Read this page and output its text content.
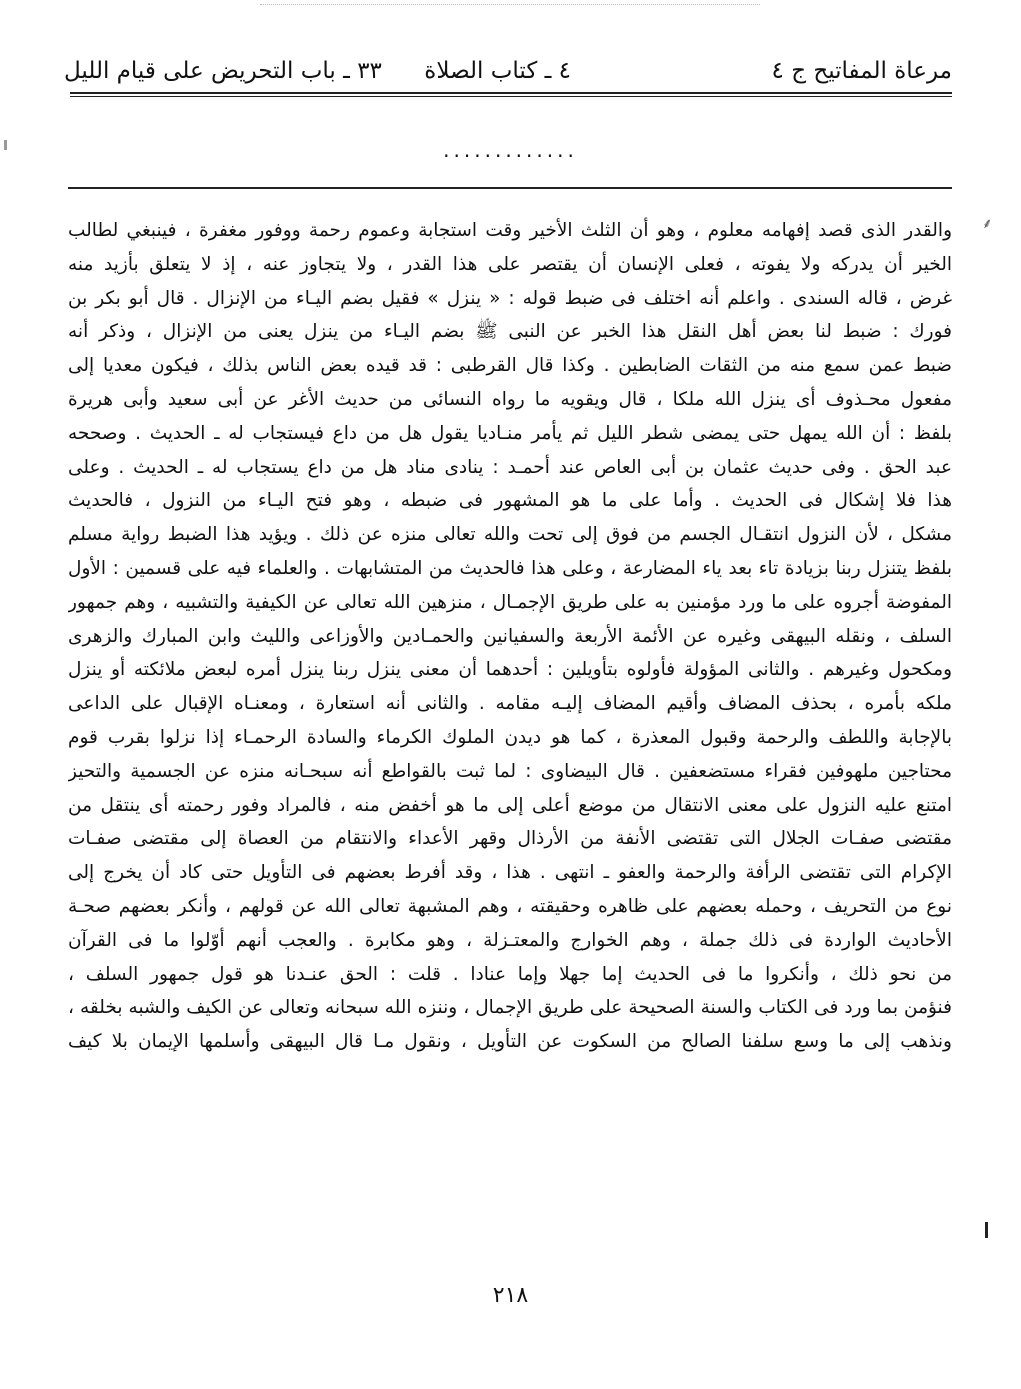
مرعاة المفاتيح ج ٤
٤ ـ كتاب الصلاة
٣٣ ـ باب التحريض على قيام الليل
·············
⸙
والقدر الذى قصد إفهامه معلوم ، وهو أن الثلث الأخير وقت استجابة وعموم رحمة ووفور مغفرة ، فينبغي لطالب
الخير أن يدركه ولا يفوته ، فعلى الإنسان أن يقتصر على هذا القدر ، ولا يتجاوز عنه ، إذ لا يتعلق بأزيد منه
غرض ، قاله السندى . واعلم أنه اختلف فى ضبط قوله : « ينزل » فقيل بضم اليـاء من الإنزال . قال أبو بكر بن
فورك : ضبط لنا بعض أهل النقل هذا الخبر عن النبى ﷺ بضم اليـاء من ينزل يعنى من الإنزال ، وذكر أنه
ضبط عمن سمع منه من الثقات الضابطين . وكذا قال القرطبى : قد قيده بعض الناس بذلك ، فيكون معديا إلى
مفعول محـذوف أى ينزل الله ملكا ، قال ويقويه ما رواه النسائى من حديث الأغر عن أبى سعيد وأبى هريرة
بلفظ : أن الله يمهل حتى يمضى شطر الليل ثم يأمر منـاديا يقول هل من داع فيستجاب له ـ الحديث . وصححه
عبد الحق . وفى حديث عثمان بن أبى العاص عند أحمـد : ينادى مناد هل من داع يستجاب له ـ الحديث . وعلى
هذا فلا إشكال فى الحديث . وأما على ما هو المشهور فى ضبطه ، وهو فتح اليـاء من النزول ، فالحديث
مشكل ، لأن النزول انتقـال الجسم من فوق إلى تحت والله تعالى منزه عن ذلك . ويؤيد هذا الضبط رواية مسلم
بلفظ يتنزل ربنا بزيادة تاء بعد ياء المضارعة ، وعلى هذا فالحديث من المتشابهات . والعلماء فيه على قسمين : الأول
المفوضة أجروه على ما ورد مؤمنين به على طريق الإجمـال ، منزهين الله تعالى عن الكيفية والتشبيه ، وهم جمهور
السلف ، ونقله البيهقى وغيره عن الأئمة الأربعة والسفيانين والحمـادين والأوزاعى والليث وابن المبارك والزهرى
ومكحول وغيرهم . والثانى المؤولة فأولوه بتأويلين : أحدهما أن معنى ينزل ربنا ينزل أمره لبعض ملائكته أو ينزل
ملكه بأمره ، بحذف المضاف وأقيم المضاف إليـه مقامه . والثانى أنه استعارة ، ومعنـاه الإقبال على الداعى
بالإجابة واللطف والرحمة وقبول المعذرة ، كما هو ديدن الملوك الكرماء والسادة الرحمـاء إذا نزلوا بقرب قوم
محتاجين ملهوفين فقراء مستضعفين . قال البيضاوى : لما ثبت بالقواطع أنه سبحـانه منزه عن الجسمية والتحيز
امتنع عليه النزول على معنى الانتقال من موضع أعلى إلى ما هو أخفض منه ، فالمراد وفور رحمته أى ينتقل من
مقتضى صفـات الجلال التى تقتضى الأنفة من الأرذال وقهر الأعداء والانتقام من العصاة إلى مقتضى صفـات
الإكرام التى تقتضى الرأفة والرحمة والعفو ـ انتهى . هذا ، وقد أفرط بعضهم فى التأويل حتى كاد أن يخرج إلى
نوع من التحريف ، وحمله بعضهم على ظاهره وحقيقته ، وهم المشبهة تعالى الله عن قولهم ، وأنكر بعضهم صحـة
الأحاديث الواردة فى ذلك جملة ، وهم الخوارج والمعتـزلة ، وهو مكابرة . والعجب أنهم أوّلوا ما فى القرآن
من نحو ذلك ، وأنكروا ما فى الحديث إما جهلا وإما عنادا . قلت : الحق عنـدنا هو قول جمهور السلف ،
فنؤمن بما ورد فى الكتاب والسنة الصحيحة على طريق الإجمال ، وننزه الله سبحانه وتعالى عن الكيف والشبه بخلقه ،
ونذهب إلى ما وسع سلفنا الصالح من السكوت عن التأويل ، ونقول مـا قال البيهقى وأسلمها الإيمان بلا كيف
٢١٨
